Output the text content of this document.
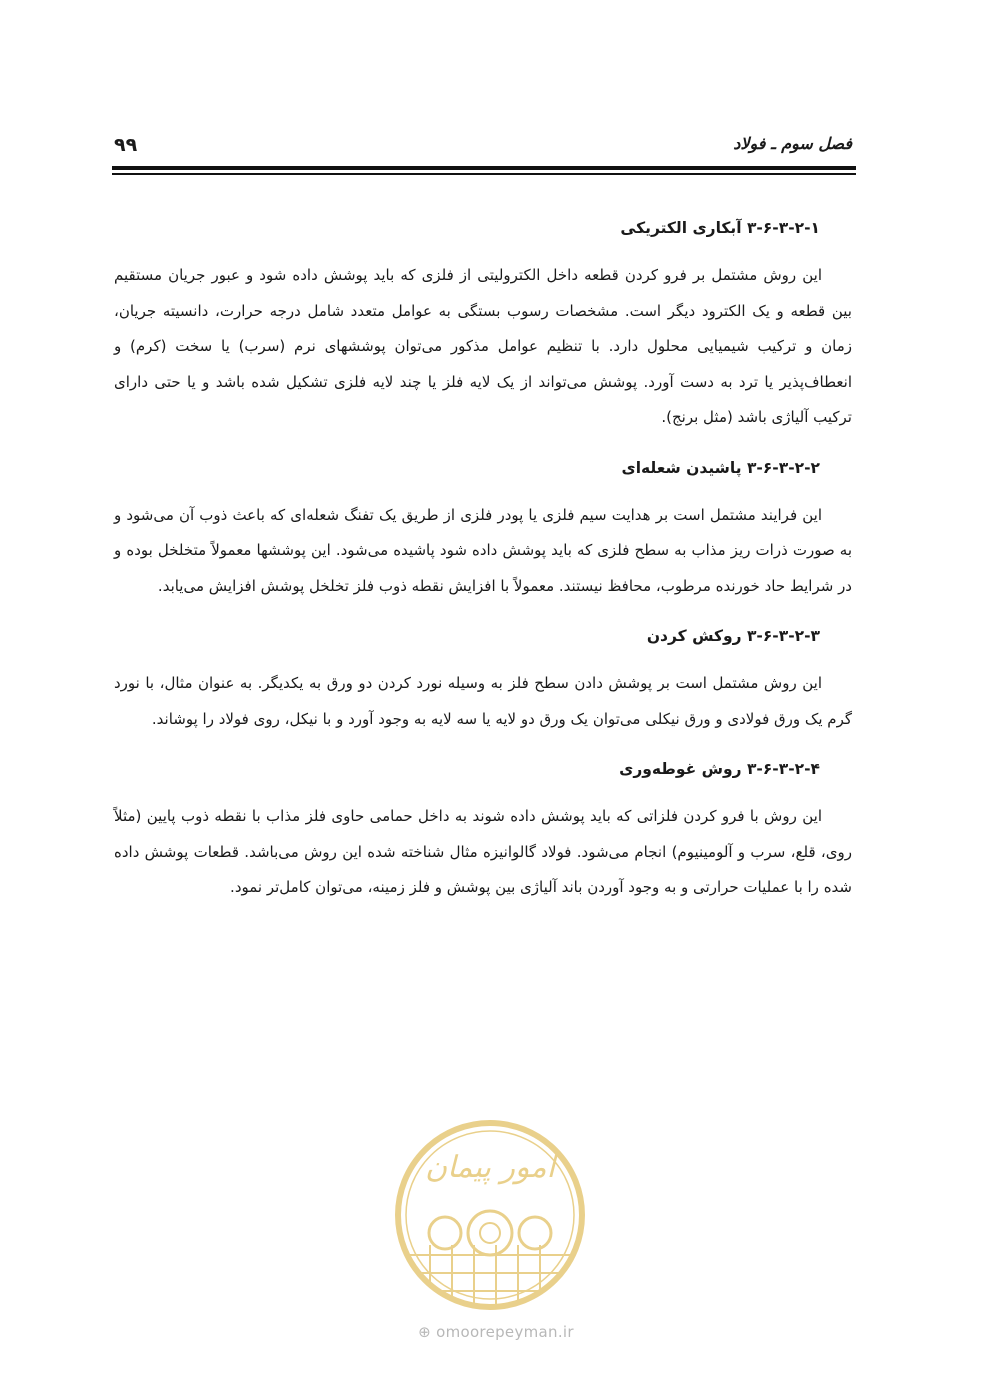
۹۹	فصل سوم ـ فولاد
۳-۶-۳-۲-۱ آبکاری الکتریکی

این روش مشتمل بر فرو کردن قطعه داخل الکترولیتی از فلزی که باید پوشش داده شود و عبور جریان مستقیم بین قطعه و یک الکترود دیگر است. مشخصات رسوب بستگی به عوامل متعدد شامل درجه حرارت، دانسیته جریان، زمان و ترکیب شیمیایی محلول دارد. با تنظیم عوامل مذکور می‌توان پوششهای نرم (سرب) یا سخت (کرم) و انعطاف‌پذیر یا ترد به دست آورد. پوشش می‌تواند از یک لایه فلز یا چند لایه فلزی تشکیل شده باشد و یا حتی دارای ترکیب آلیاژی باشد (مثل برنج).

۳-۶-۳-۲-۲ پاشیدن شعله‌ای

این فرایند مشتمل است بر هدایت سیم فلزی یا پودر فلزی از طریق یک تفنگ شعله‌ای که باعث ذوب آن می‌شود و به صورت ذرات ریز مذاب به سطح فلزی که باید پوشش داده شود پاشیده می‌شود. این پوششها معمولاً متخلخل بوده و در شرایط حاد خورنده مرطوب، محافظ نیستند. معمولاً با افزایش نقطه ذوب فلز تخلخل پوشش افزایش می‌یابد.

۳-۶-۳-۲-۳ روکش کردن

این روش مشتمل است بر پوشش دادن سطح فلز به وسیله نورد کردن دو ورق به یکدیگر. به عنوان مثال، با نورد گرم یک ورق فولادی و ورق نیکلی می‌توان یک ورق دو لایه یا سه لایه به وجود آورد و با نیکل، روی فولاد را پوشاند.

۳-۶-۳-۲-۴ روش غوطه‌وری

این روش با فرو کردن فلزاتی که باید پوشش داده شوند به داخل حمامی حاوی فلز مذاب با نقطه ذوب پایین (مثلاً روی، قلع، سرب و آلومینیوم) انجام می‌شود. فولاد گالوانیزه مثال شناخته شده این روش می‌باشد. قطعات پوشش داده شده را با عملیات حرارتی و به وجود آوردن باند آلیاژی بین پوشش و فلز زمینه، می‌توان کامل‌تر نمود.

امور پیمان
⊕ omoorepeyman.ir
